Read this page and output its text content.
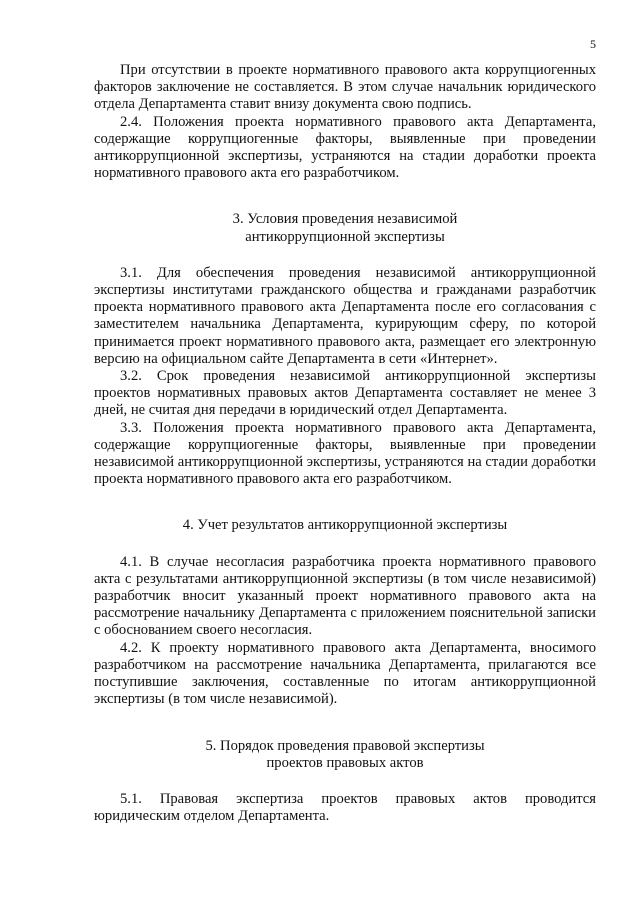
5

При отсутствии в проекте нормативного правового акта коррупциогенных факторов заключение не составляется. В этом случае начальник юридического отдела Департамента ставит внизу документа свою подпись.

2.4. Положения проекта нормативного правового акта Департамента, содержащие коррупциогенные факторы, выявленные при проведении антикоррупционной экспертизы, устраняются на стадии доработки проекта нормативного правового акта его разработчиком.

3. Условия проведения независимой
антикоррупционной экспертизы

3.1. Для обеспечения проведения независимой антикоррупционной экспертизы институтами гражданского общества и гражданами разработчик проекта нормативного правового акта Департамента после его согласования с заместителем начальника Департамента, курирующим сферу, по которой принимается проект нормативного правового акта, размещает его электронную версию на официальном сайте Департамента в сети «Интернет».

3.2. Срок проведения независимой антикоррупционной экспертизы проектов нормативных правовых актов Департамента составляет не менее 3 дней, не считая дня передачи в юридический отдел Департамента.

3.3. Положения проекта нормативного правового акта Департамента, содержащие коррупциогенные факторы, выявленные при проведении независимой антикоррупционной экспертизы, устраняются на стадии доработки проекта нормативного правового акта его разработчиком.

4. Учет результатов антикоррупционной экспертизы

4.1. В случае несогласия разработчика проекта нормативного правового акта с результатами антикоррупционной экспертизы (в том числе независимой) разработчик вносит указанный проект нормативного правового акта на рассмотрение начальнику Департамента с приложением пояснительной записки с обоснованием своего несогласия.

4.2. К проекту нормативного правового акта Департамента, вносимого разработчиком на рассмотрение начальника Департамента, прилагаются все поступившие заключения, составленные по итогам антикоррупционной экспертизы (в том числе независимой).

5. Порядок проведения правовой экспертизы
проектов правовых актов

5.1. Правовая экспертиза проектов правовых актов проводится юридическим отделом Департамента.
